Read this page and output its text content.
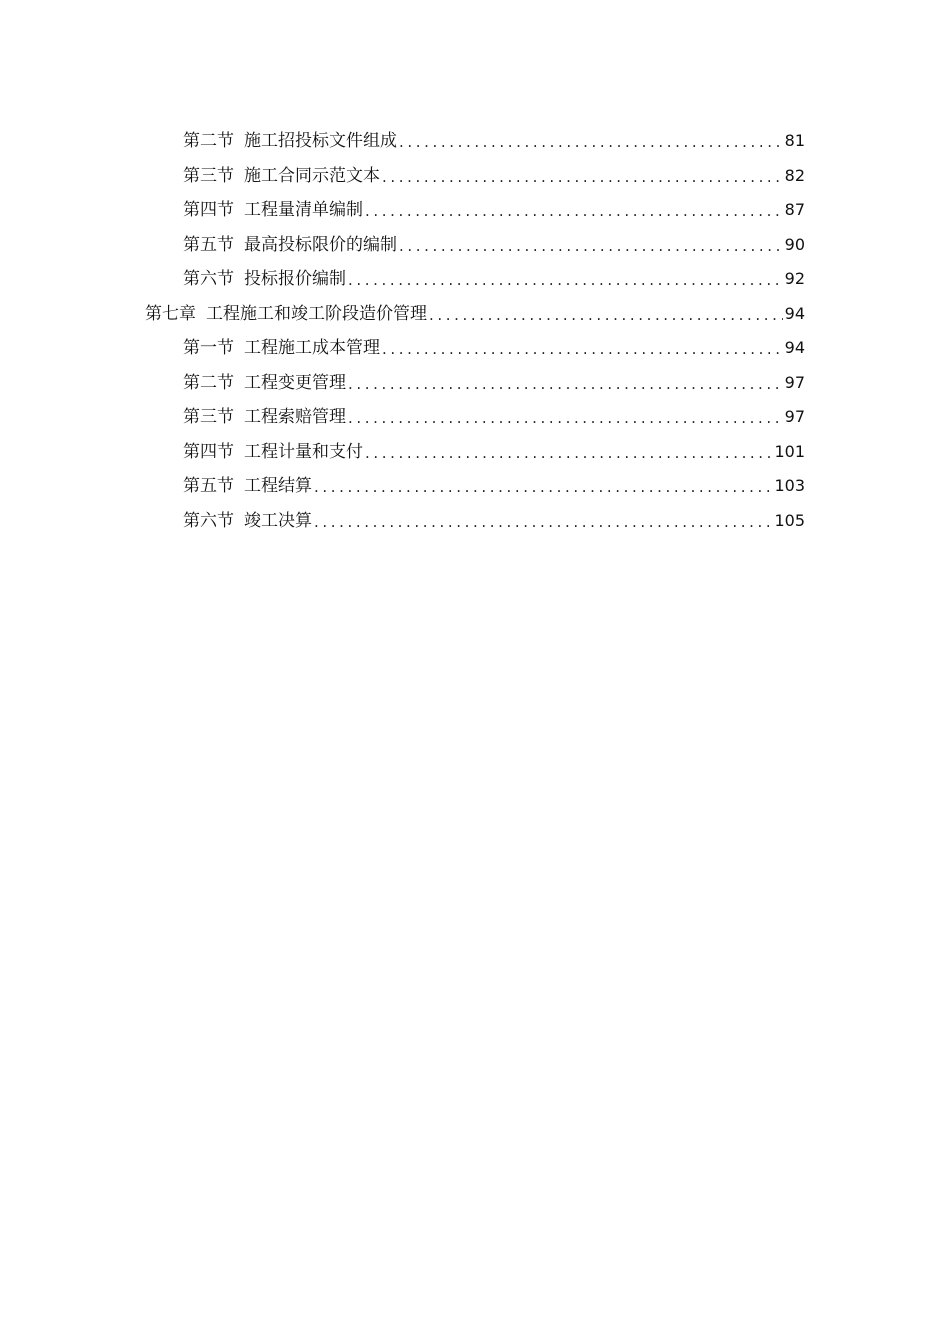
第二节 施工招投标文件组成 .....	81
第三节 施工合同示范文本 .....	82
第四节 工程量清单编制 .....	87
第五节 最高投标限价的编制 .....	90
第六节 投标报价编制 .....	92
第七章 工程施工和竣工阶段造价管理 .....	94
第一节 工程施工成本管理 .....	94
第二节 工程变更管理 .....	97
第三节 工程索赔管理 .....	97
第四节 工程计量和支付 .....	101
第五节 工程结算 .....	103
第六节 竣工决算 .....	105
